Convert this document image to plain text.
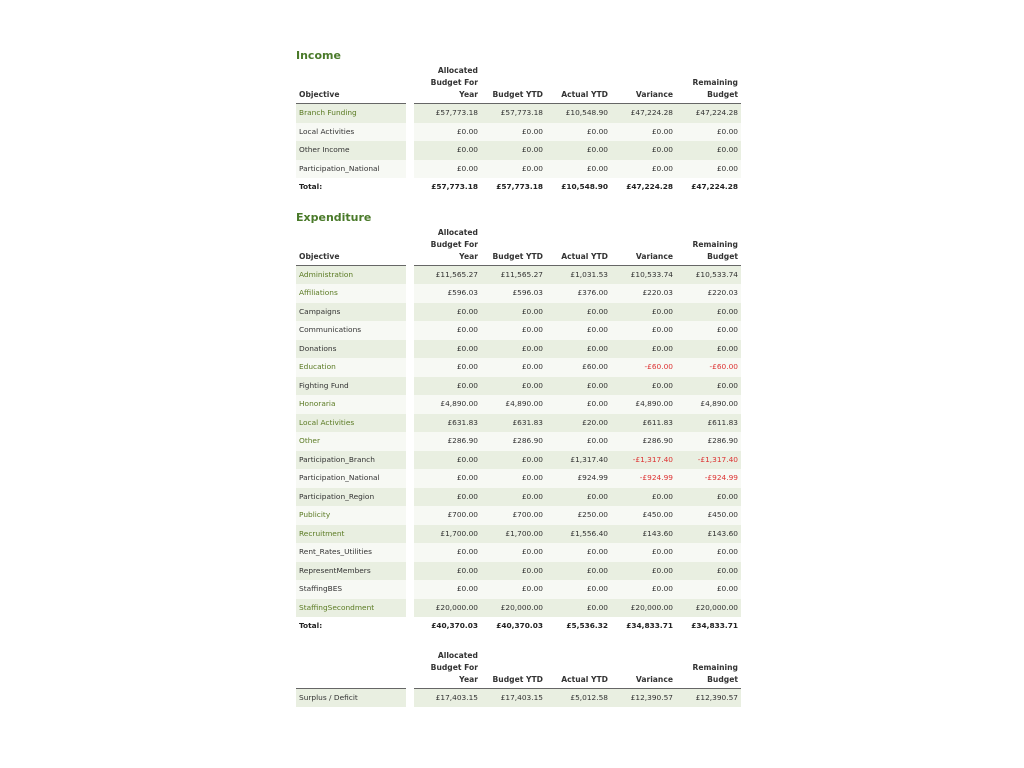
Income
Objective		Allocated Budget For Year	Budget YTD	Actual YTD	Variance	Remaining Budget
Branch Funding		£57,773.18	£57,773.18	£10,548.90	£47,224.28	£47,224.28
Local Activities		£0.00	£0.00	£0.00	£0.00	£0.00
Other Income		£0.00	£0.00	£0.00	£0.00	£0.00
Participation_National		£0.00	£0.00	£0.00	£0.00	£0.00
Total:		£57,773.18	£57,773.18	£10,548.90	£47,224.28	£47,224.28
Expenditure
Objective		Allocated Budget For Year	Budget YTD	Actual YTD	Variance	Remaining Budget
Administration		£11,565.27	£11,565.27	£1,031.53	£10,533.74	£10,533.74
Affiliations		£596.03	£596.03	£376.00	£220.03	£220.03
Campaigns		£0.00	£0.00	£0.00	£0.00	£0.00
Communications		£0.00	£0.00	£0.00	£0.00	£0.00
Donations		£0.00	£0.00	£0.00	£0.00	£0.00
Education		£0.00	£0.00	£60.00	-£60.00	-£60.00
Fighting Fund		£0.00	£0.00	£0.00	£0.00	£0.00
Honoraria		£4,890.00	£4,890.00	£0.00	£4,890.00	£4,890.00
Local Activities		£631.83	£631.83	£20.00	£611.83	£611.83
Other		£286.90	£286.90	£0.00	£286.90	£286.90
Participation_Branch		£0.00	£0.00	£1,317.40	-£1,317.40	-£1,317.40
Participation_National		£0.00	£0.00	£924.99	-£924.99	-£924.99
Participation_Region		£0.00	£0.00	£0.00	£0.00	£0.00
Publicity		£700.00	£700.00	£250.00	£450.00	£450.00
Recruitment		£1,700.00	£1,700.00	£1,556.40	£143.60	£143.60
Rent_Rates_Utilities		£0.00	£0.00	£0.00	£0.00	£0.00
RepresentMembers		£0.00	£0.00	£0.00	£0.00	£0.00
StaffingBES		£0.00	£0.00	£0.00	£0.00	£0.00
StaffingSecondment		£20,000.00	£20,000.00	£0.00	£20,000.00	£20,000.00
Total:		£40,370.03	£40,370.03	£5,536.32	£34,833.71	£34,833.71
		Allocated Budget For Year	Budget YTD	Actual YTD	Variance	Remaining Budget
Surplus / Deficit		£17,403.15	£17,403.15	£5,012.58	£12,390.57	£12,390.57
